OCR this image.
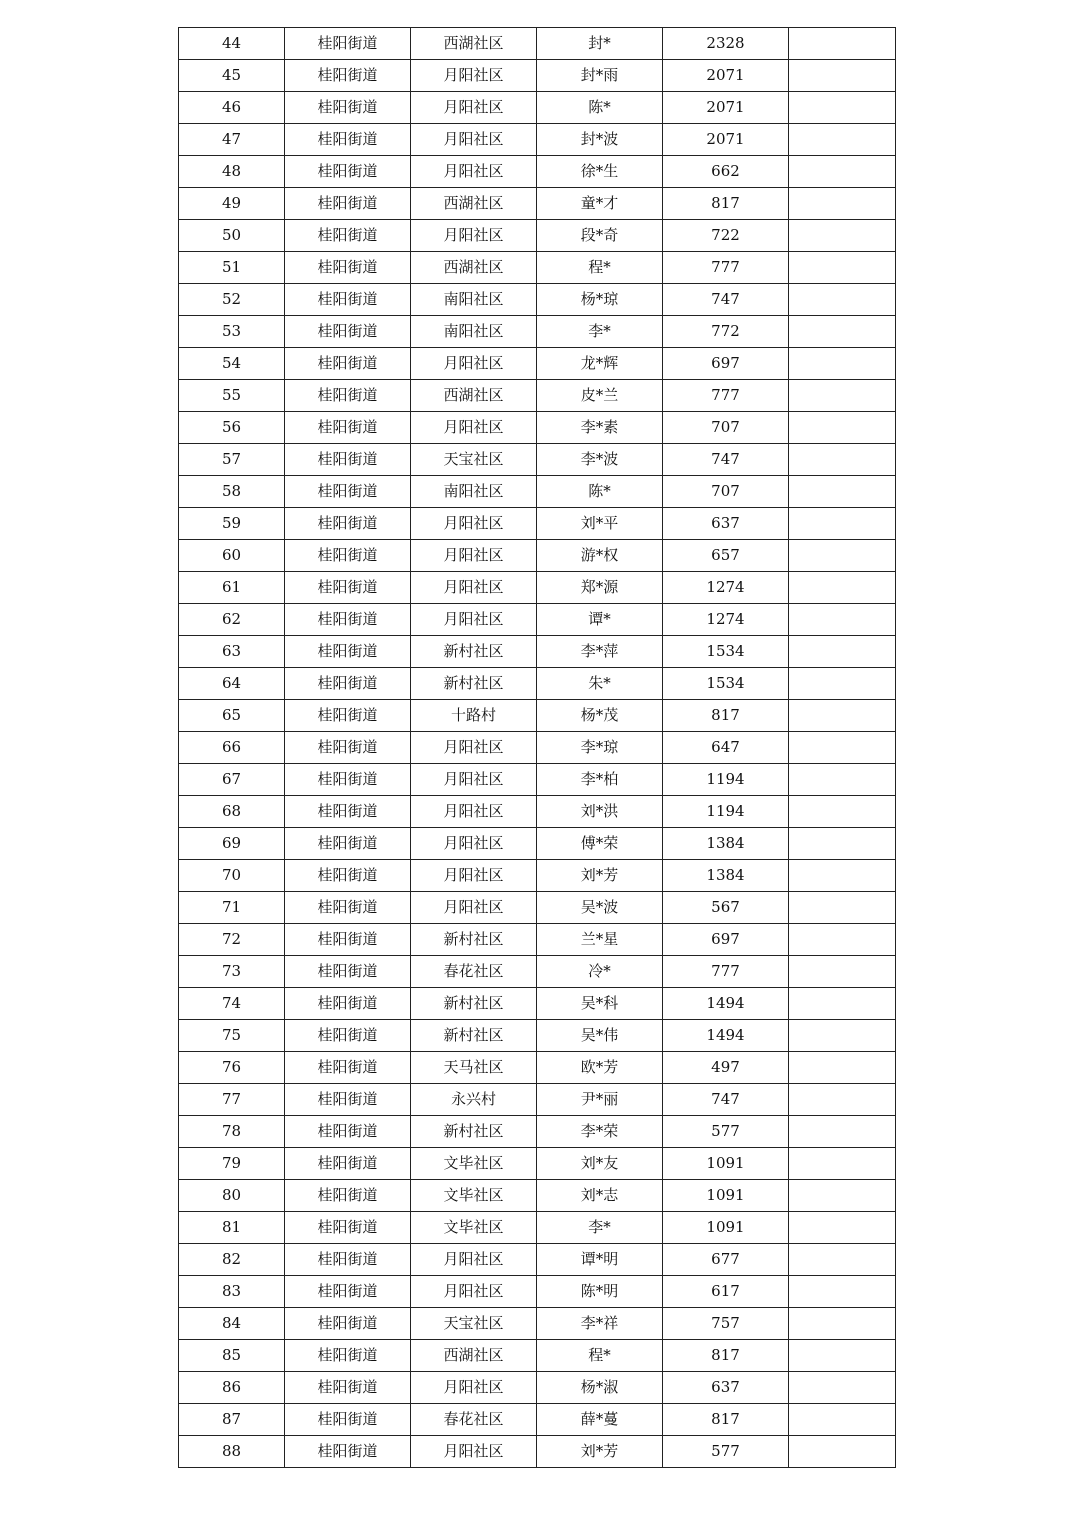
44	桂阳街道	西湖社区	封*	2328	
45	桂阳街道	月阳社区	封*雨	2071	
46	桂阳街道	月阳社区	陈*	2071	
47	桂阳街道	月阳社区	封*波	2071	
48	桂阳街道	月阳社区	徐*生	662	
49	桂阳街道	西湖社区	童*才	817	
50	桂阳街道	月阳社区	段*奇	722	
51	桂阳街道	西湖社区	程*	777	
52	桂阳街道	南阳社区	杨*琼	747	
53	桂阳街道	南阳社区	李*	772	
54	桂阳街道	月阳社区	龙*辉	697	
55	桂阳街道	西湖社区	皮*兰	777	
56	桂阳街道	月阳社区	李*素	707	
57	桂阳街道	天宝社区	李*波	747	
58	桂阳街道	南阳社区	陈*	707	
59	桂阳街道	月阳社区	刘*平	637	
60	桂阳街道	月阳社区	游*权	657	
61	桂阳街道	月阳社区	郑*源	1274	
62	桂阳街道	月阳社区	谭*	1274	
63	桂阳街道	新村社区	李*萍	1534	
64	桂阳街道	新村社区	朱*	1534	
65	桂阳街道	十路村	杨*茂	817	
66	桂阳街道	月阳社区	李*琼	647	
67	桂阳街道	月阳社区	李*柏	1194	
68	桂阳街道	月阳社区	刘*洪	1194	
69	桂阳街道	月阳社区	傅*荣	1384	
70	桂阳街道	月阳社区	刘*芳	1384	
71	桂阳街道	月阳社区	吴*波	567	
72	桂阳街道	新村社区	兰*星	697	
73	桂阳街道	春花社区	冷*	777	
74	桂阳街道	新村社区	吴*科	1494	
75	桂阳街道	新村社区	吴*伟	1494	
76	桂阳街道	天马社区	欧*芳	497	
77	桂阳街道	永兴村	尹*丽	747	
78	桂阳街道	新村社区	李*荣	577	
79	桂阳街道	文毕社区	刘*友	1091	
80	桂阳街道	文毕社区	刘*志	1091	
81	桂阳街道	文毕社区	李*	1091	
82	桂阳街道	月阳社区	谭*明	677	
83	桂阳街道	月阳社区	陈*明	617	
84	桂阳街道	天宝社区	李*祥	757	
85	桂阳街道	西湖社区	程*	817	
86	桂阳街道	月阳社区	杨*淑	637	
87	桂阳街道	春花社区	薛*蔓	817	
88	桂阳街道	月阳社区	刘*芳	577	
